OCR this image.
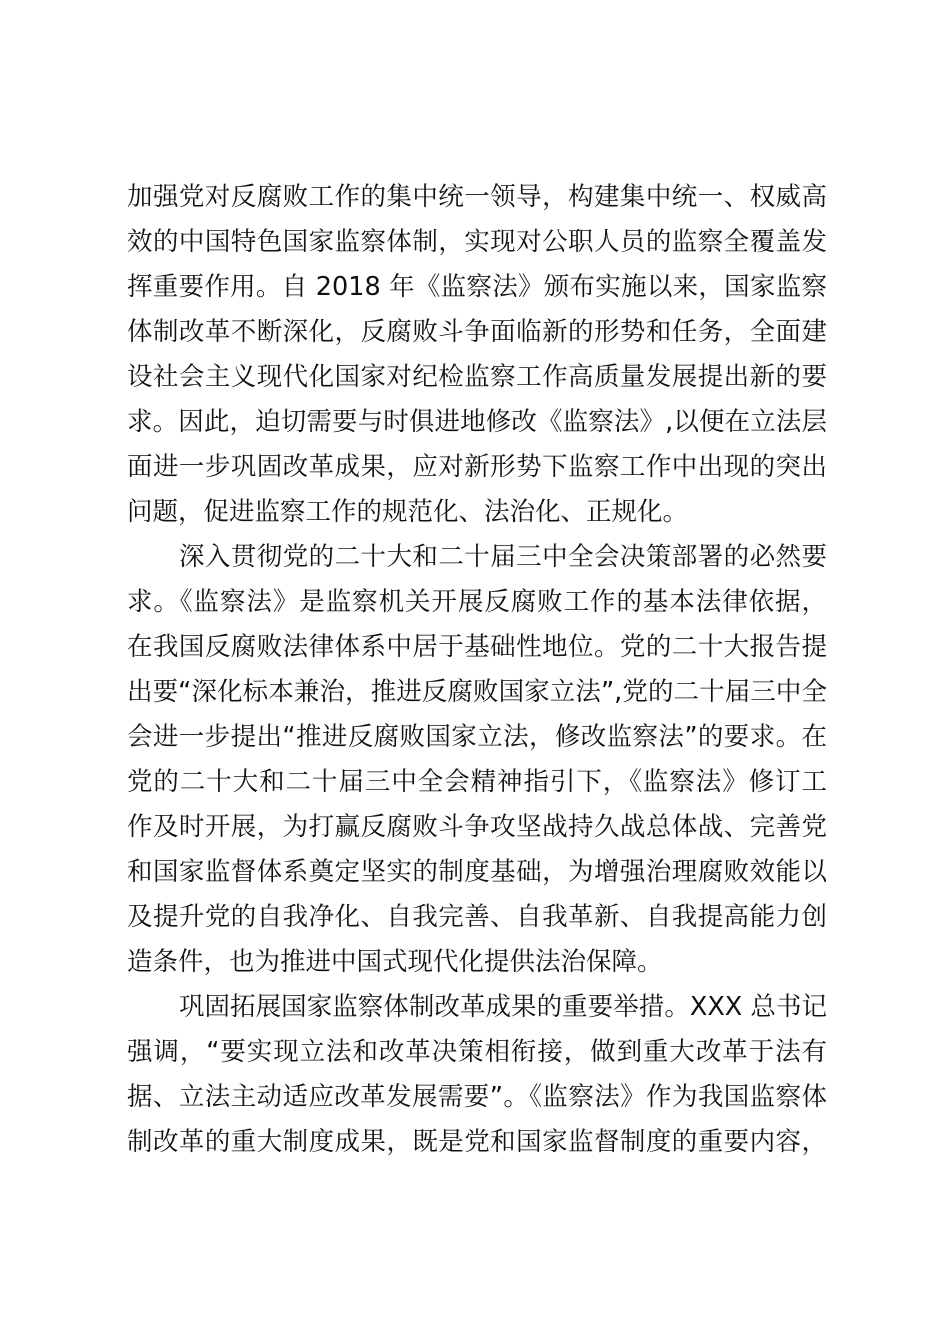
加强党对反腐败工作的集中统一领导，构建集中统一、权威高
效的中国特色国家监察体制，实现对公职人员的监察全覆盖发
挥重要作用。自 2018 年《监察法》颁布实施以来，国家监察
体制改革不断深化，反腐败斗争面临新的形势和任务，全面建
设社会主义现代化国家对纪检监察工作高质量发展提出新的要
求。因此，迫切需要与时俱进地修改《监察法》,以便在立法层
面进一步巩固改革成果，应对新形势下监察工作中出现的突出
问题，促进监察工作的规范化、法治化、正规化。
深入贯彻党的二十大和二十届三中全会决策部署的必然要
求。《监察法》是监察机关开展反腐败工作的基本法律依据，
在我国反腐败法律体系中居于基础性地位。党的二十大报告提
出要“深化标本兼治，推进反腐败国家立法”,党的二十届三中全
会进一步提出“推进反腐败国家立法，修改监察法”的要求。在
党的二十大和二十届三中全会精神指引下，《监察法》修订工
作及时开展，为打赢反腐败斗争攻坚战持久战总体战、完善党
和国家监督体系奠定坚实的制度基础，为增强治理腐败效能以
及提升党的自我净化、自我完善、自我革新、自我提高能力创
造条件，也为推进中国式现代化提供法治保障。
巩固拓展国家监察体制改革成果的重要举措。XXX 总书记
强调，“要实现立法和改革决策相衔接，做到重大改革于法有
据、立法主动适应改革发展需要”。《监察法》作为我国监察体
制改革的重大制度成果，既是党和国家监督制度的重要内容，
